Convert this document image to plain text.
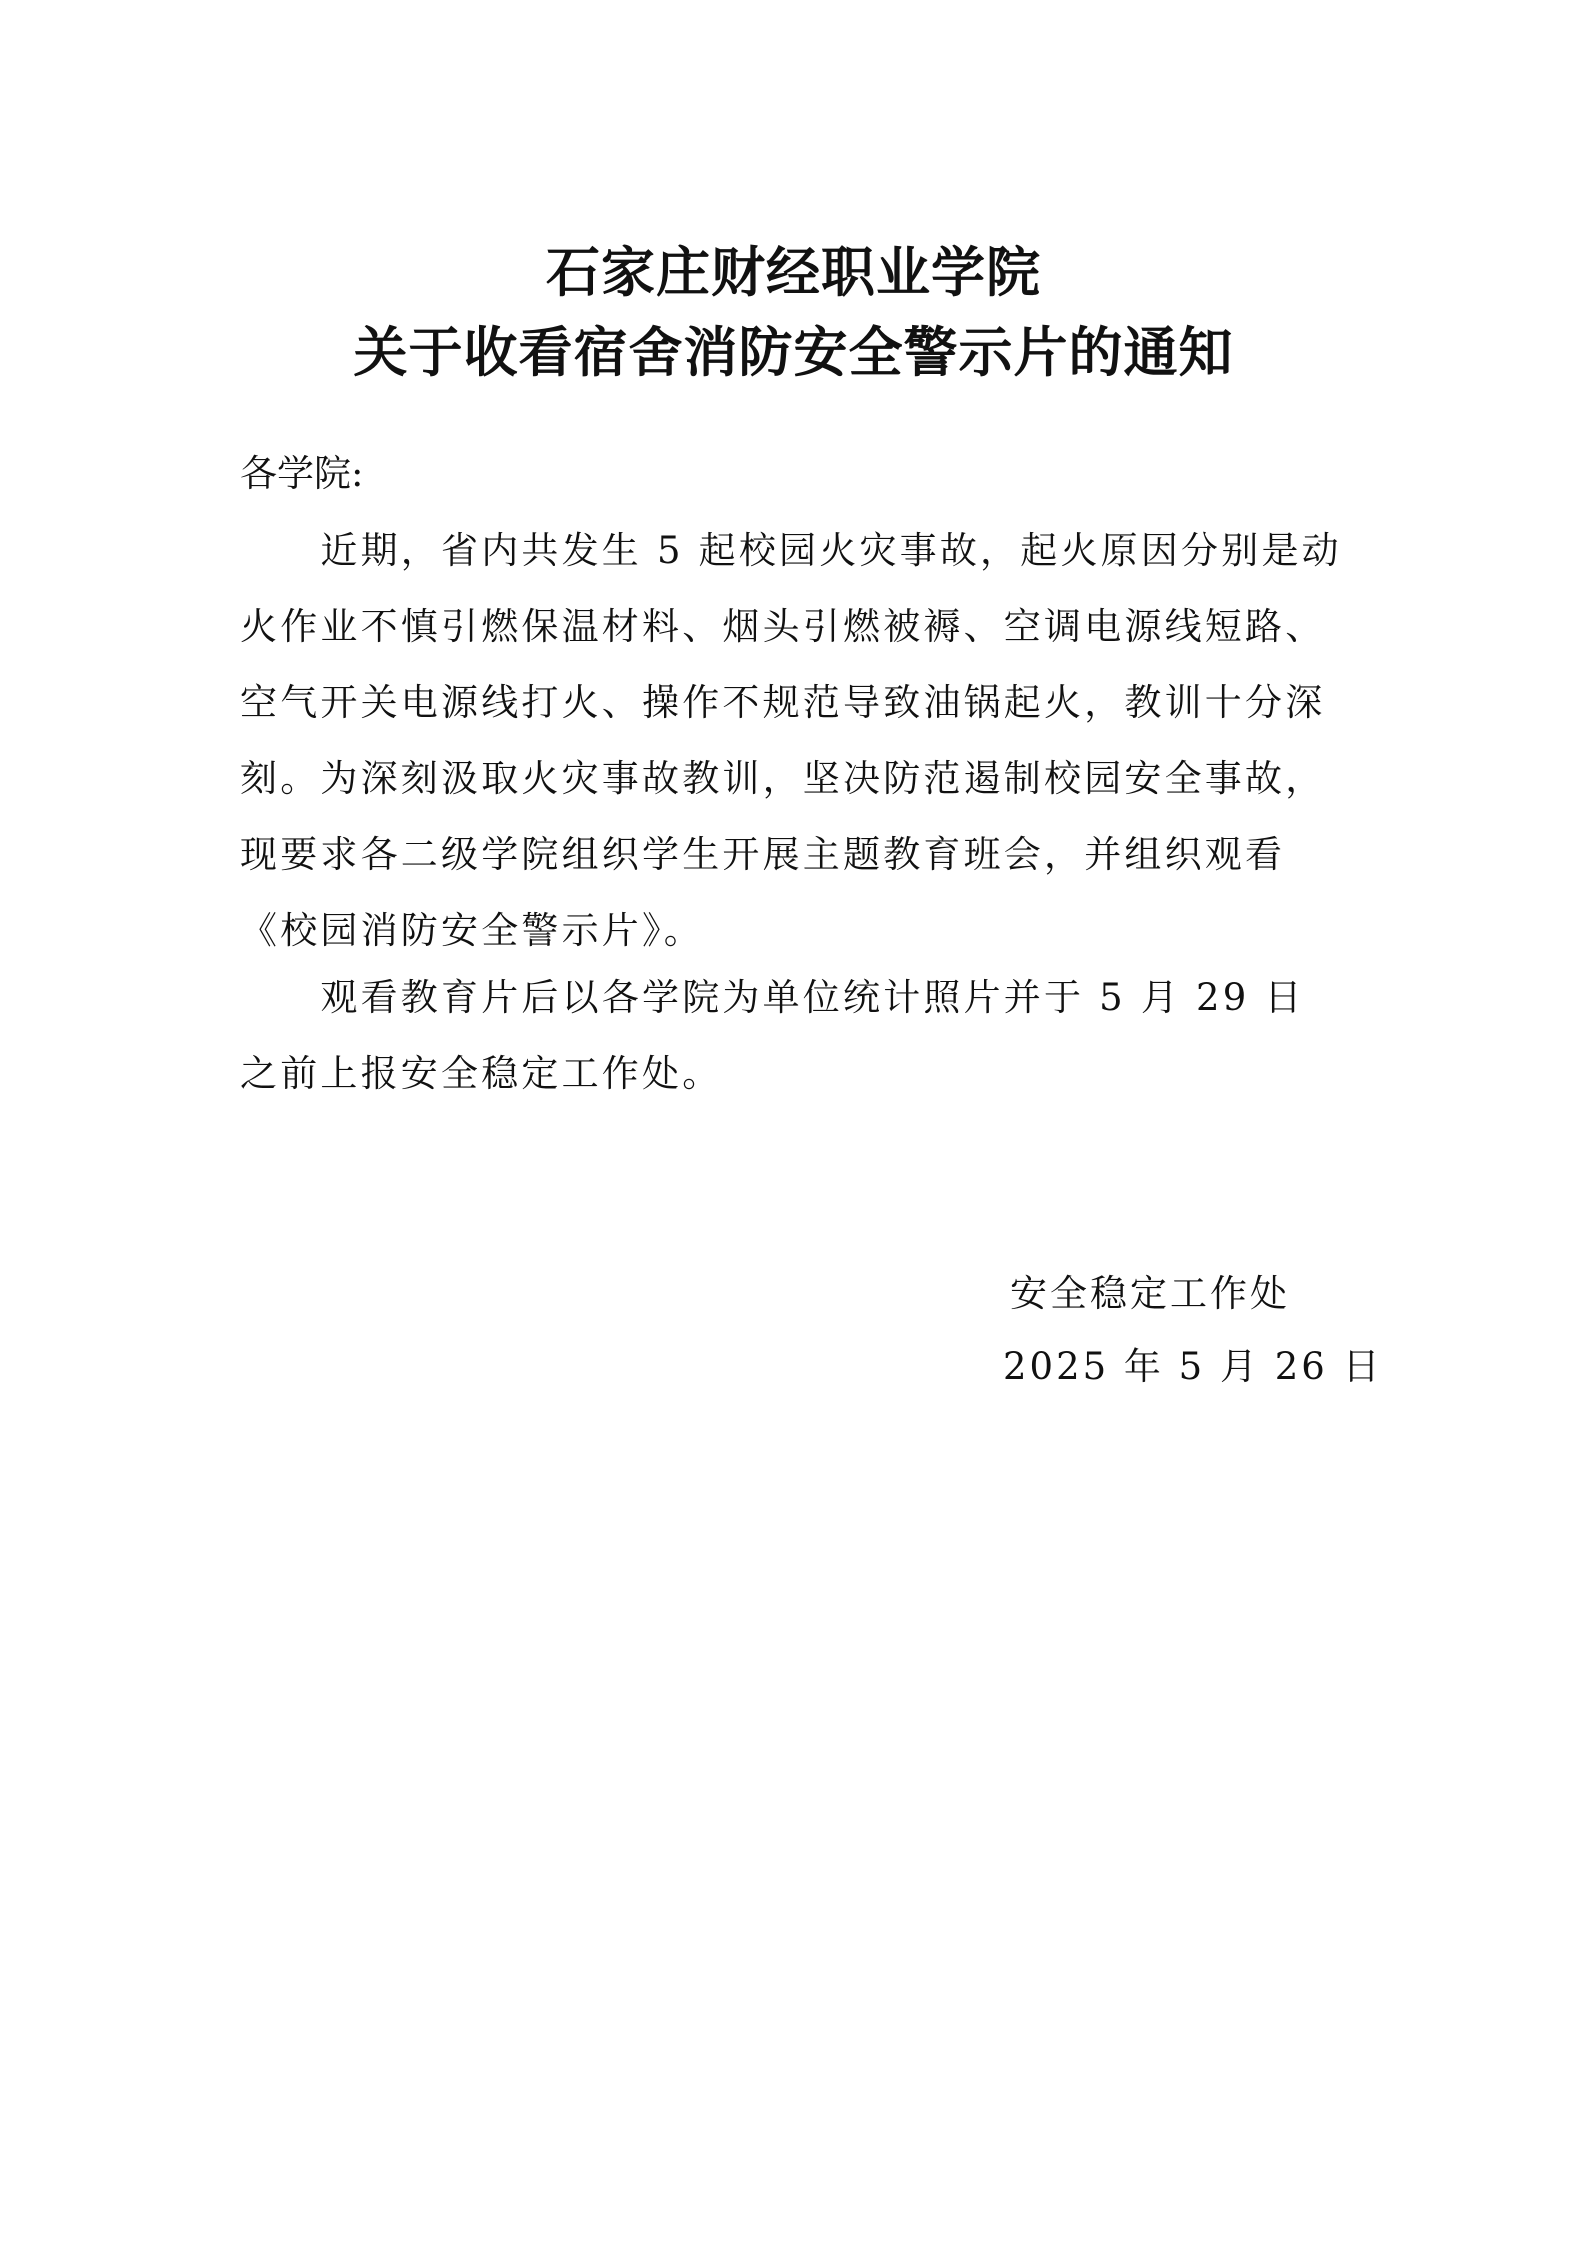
石家庄财经职业学院
关于收看宿舍消防安全警示片的通知
各学院:
　　近期，省内共发生 5 起校园火灾事故，起火原因分别是动
火作业不慎引燃保温材料、烟头引燃被褥、空调电源线短路、
空气开关电源线打火、操作不规范导致油锅起火，教训十分深
刻。为深刻汲取火灾事故教训，坚决防范遏制校园安全事故，
现要求各二级学院组织学生开展主题教育班会，并组织观看
《校园消防安全警示片》。
　　观看教育片后以各学院为单位统计照片并于 5 月 29 日
之前上报安全稳定工作处。
安全稳定工作处
2025 年 5 月 26 日
